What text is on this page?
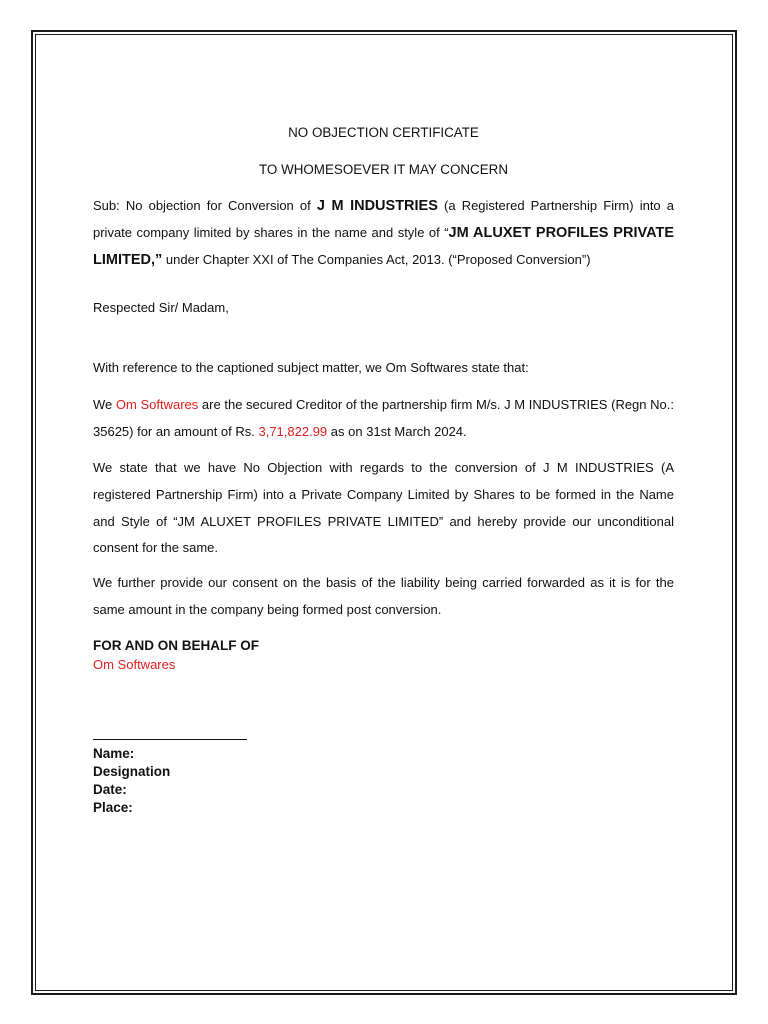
NO OBJECTION CERTIFICATE
TO WHOMESOEVER IT MAY CONCERN
Sub: No objection for Conversion of J M INDUSTRIES (a Registered Partnership Firm) into a private company limited by shares in the name and style of “JM ALUXET PROFILES PRIVATE LIMITED,” under Chapter XXI of The Companies Act, 2013. (“Proposed Conversion”)
Respected Sir/ Madam,
With reference to the captioned subject matter, we Om Softwares state that:
We Om Softwares are the secured Creditor of the partnership firm M/s. J M INDUSTRIES (Regn No.: 35625) for an amount of Rs. 3,71,822.99 as on 31st March 2024.
We state that we have No Objection with regards to the conversion of J M INDUSTRIES (A registered Partnership Firm) into a Private Company Limited by Shares to be formed in the Name and Style of “JM ALUXET PROFILES PRIVATE LIMITED” and hereby provide our unconditional consent for the same.
We further provide our consent on the basis of the liability being carried forwarded as it is for the same amount in the company being formed post conversion.
FOR AND ON BEHALF OF
Om Softwares
Name:
Designation
Date:
Place:
